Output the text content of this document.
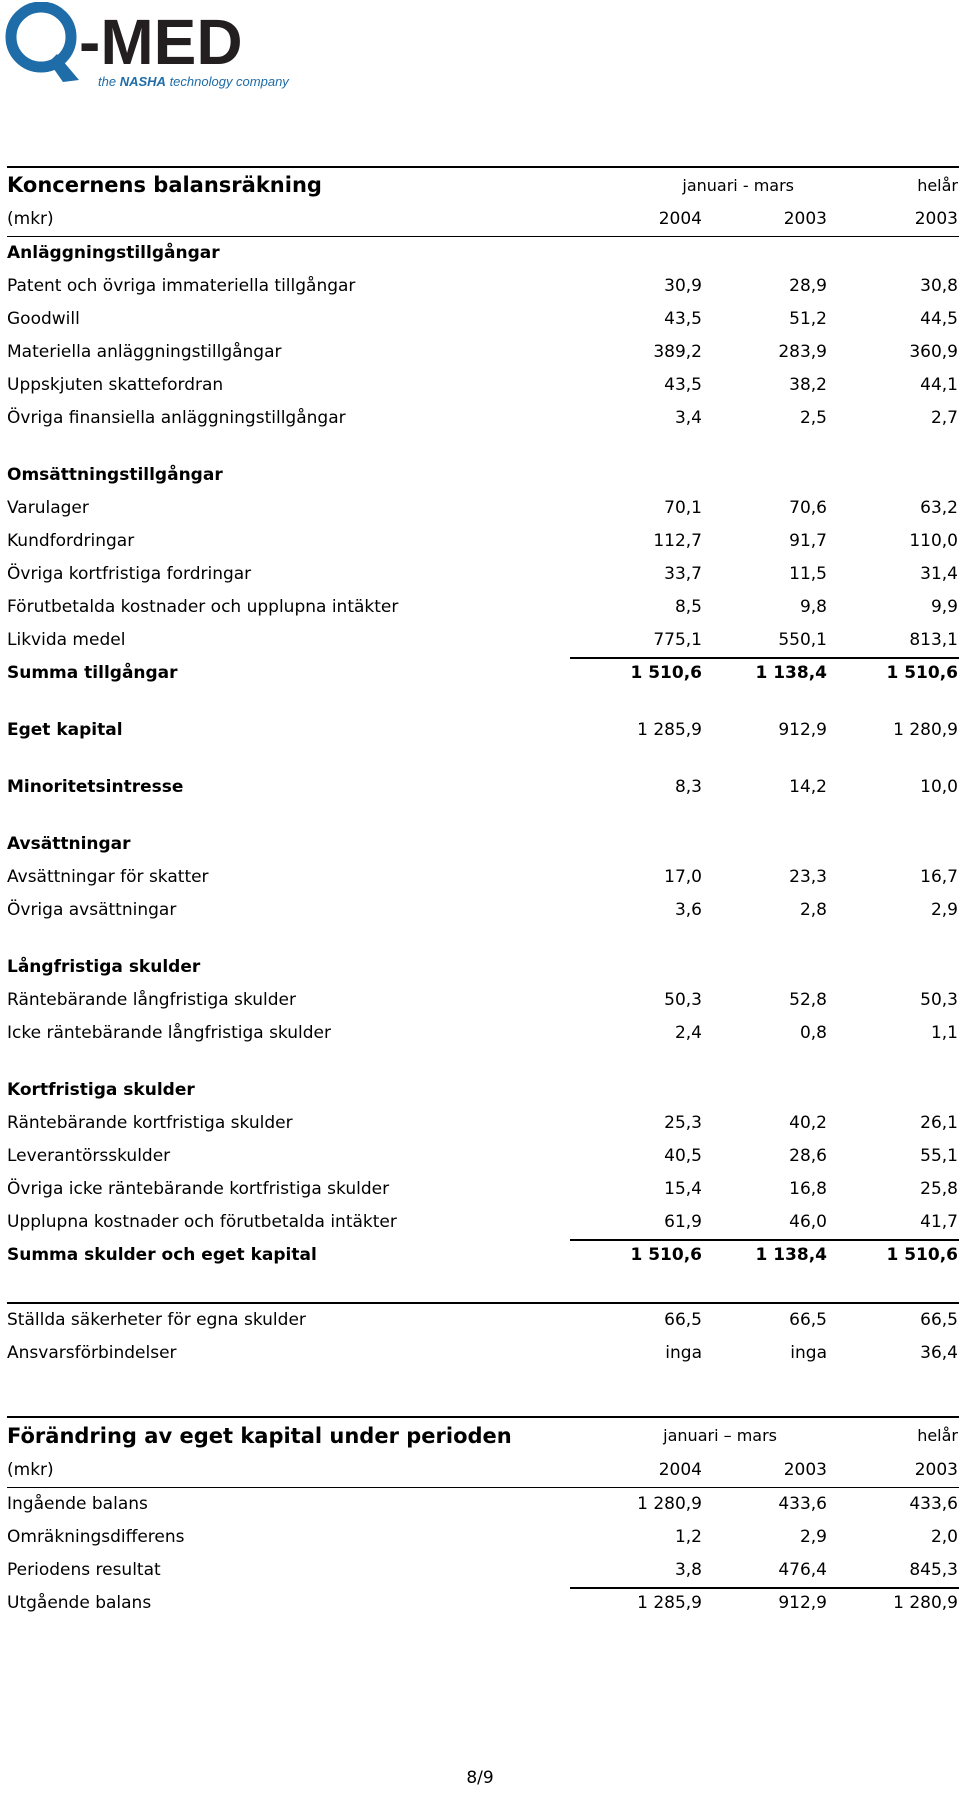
-MED
the NASHA technology company
Koncernens balansräkning	januari - mars	helår
(mkr)	2004	2003	2003
Anläggningstillgångar
Patent och övriga immateriella tillgångar	30,9	28,9	30,8
Goodwill	43,5	51,2	44,5
Materiella anläggningstillgångar	389,2	283,9	360,9
Uppskjuten skattefordran	43,5	38,2	44,1
Övriga finansiella anläggningstillgångar	3,4	2,5	2,7
Omsättningstillgångar
Varulager	70,1	70,6	63,2
Kundfordringar	112,7	91,7	110,0
Övriga kortfristiga fordringar	33,7	11,5	31,4
Förutbetalda kostnader och upplupna intäkter	8,5	9,8	9,9
Likvida medel	775,1	550,1	813,1
Summa tillgångar	1 510,6	1 138,4	1 510,6
Eget kapital	1 285,9	912,9	1 280,9
Minoritetsintresse	8,3	14,2	10,0
Avsättningar
Avsättningar för skatter	17,0	23,3	16,7
Övriga avsättningar	3,6	2,8	2,9
Långfristiga skulder
Räntebärande långfristiga skulder	50,3	52,8	50,3
Icke räntebärande långfristiga skulder	2,4	0,8	1,1
Kortfristiga skulder
Räntebärande kortfristiga skulder	25,3	40,2	26,1
Leverantörsskulder	40,5	28,6	55,1
Övriga icke räntebärande kortfristiga skulder	15,4	16,8	25,8
Upplupna kostnader och förutbetalda intäkter	61,9	46,0	41,7
Summa skulder och eget kapital	1 510,6	1 138,4	1 510,6
Ställda säkerheter för egna skulder	66,5	66,5	66,5
Ansvarsförbindelser	inga	inga	36,4
Förändring av eget kapital under perioden	januari – mars	helår
(mkr)	2004	2003	2003
Ingående balans	1 280,9	433,6	433,6
Omräkningsdifferens	1,2	2,9	2,0
Periodens resultat	3,8	476,4	845,3
Utgående balans	1 285,9	912,9	1 280,9
8/9
